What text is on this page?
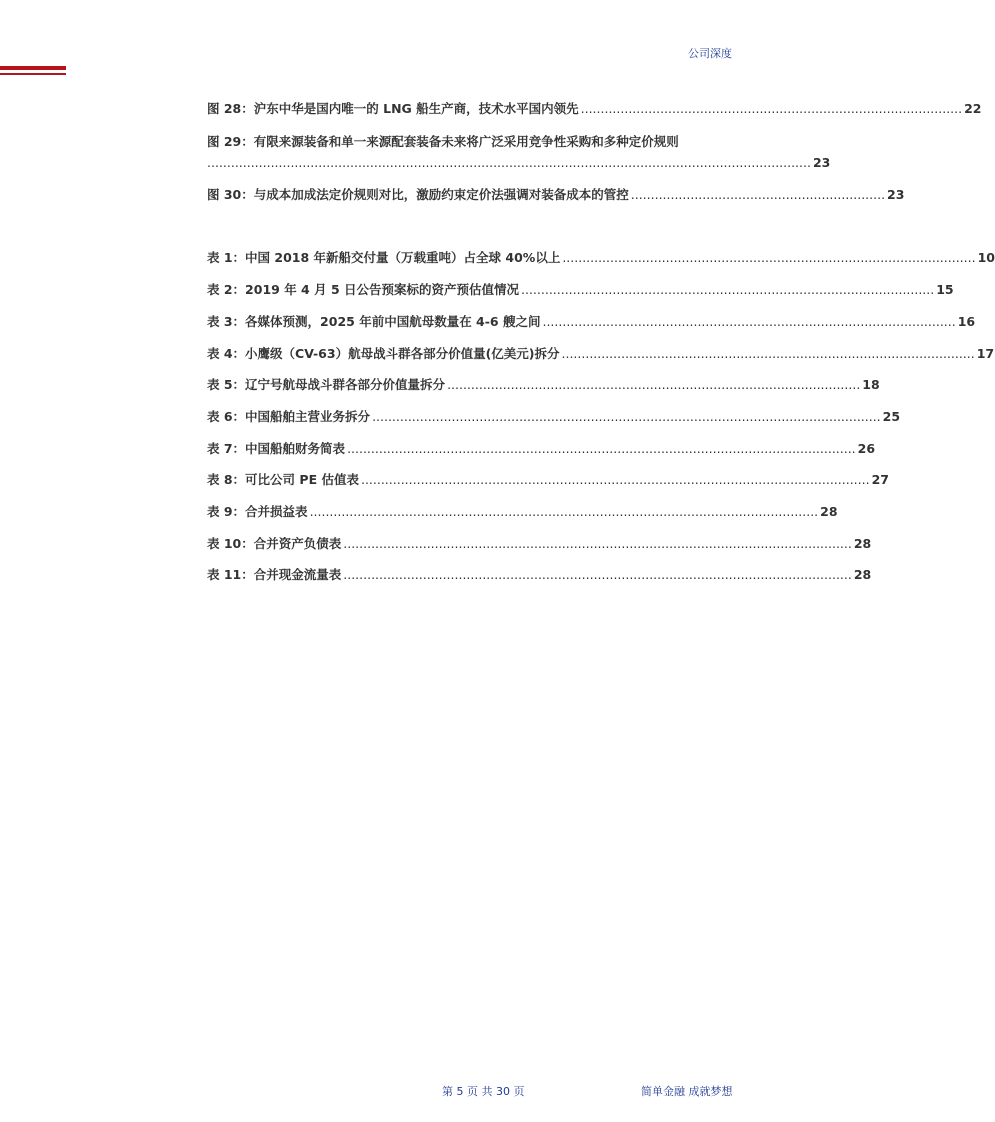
公司深度
图 28：沪东中华是国内唯一的 LNG 船生产商，技术水平国内领先 ................................................................................................ 22
图 29：有限来源装备和单一来源配套装备未来将广泛采用竞争性采购和多种定价规则
........................................................................................................................................................ 23
图 30：与成本加成法定价规则对比，激励约束定价法强调对装备成本的管控 ................................................................ 23
表 1：中国 2018 年新船交付量（万载重吨）占全球 40%以上 ........................................................................................................ 10
表 2：2019 年 4 月 5 日公告预案标的资产预估值情况 ........................................................................................................ 15
表 3：各媒体预测，2025 年前中国航母数量在 4-6 艘之间 ........................................................................................................ 16
表 4：小鹰级（CV-63）航母战斗群各部分价值量(亿美元)拆分 ........................................................................................................ 17
表 5：辽宁号航母战斗群各部分价值量拆分 ........................................................................................................ 18
表 6：中国船舶主营业务拆分 ................................................................................................................................ 25
表 7：中国船舶财务简表 ................................................................................................................................ 26
表 8：可比公司 PE 估值表 ................................................................................................................................ 27
表 9：合并损益表 ................................................................................................................................ 28
表 10：合并资产负债表 ................................................................................................................................ 28
表 11：合并现金流量表 ................................................................................................................................ 28
第 5 页 共 30 页	简单金融 成就梦想
